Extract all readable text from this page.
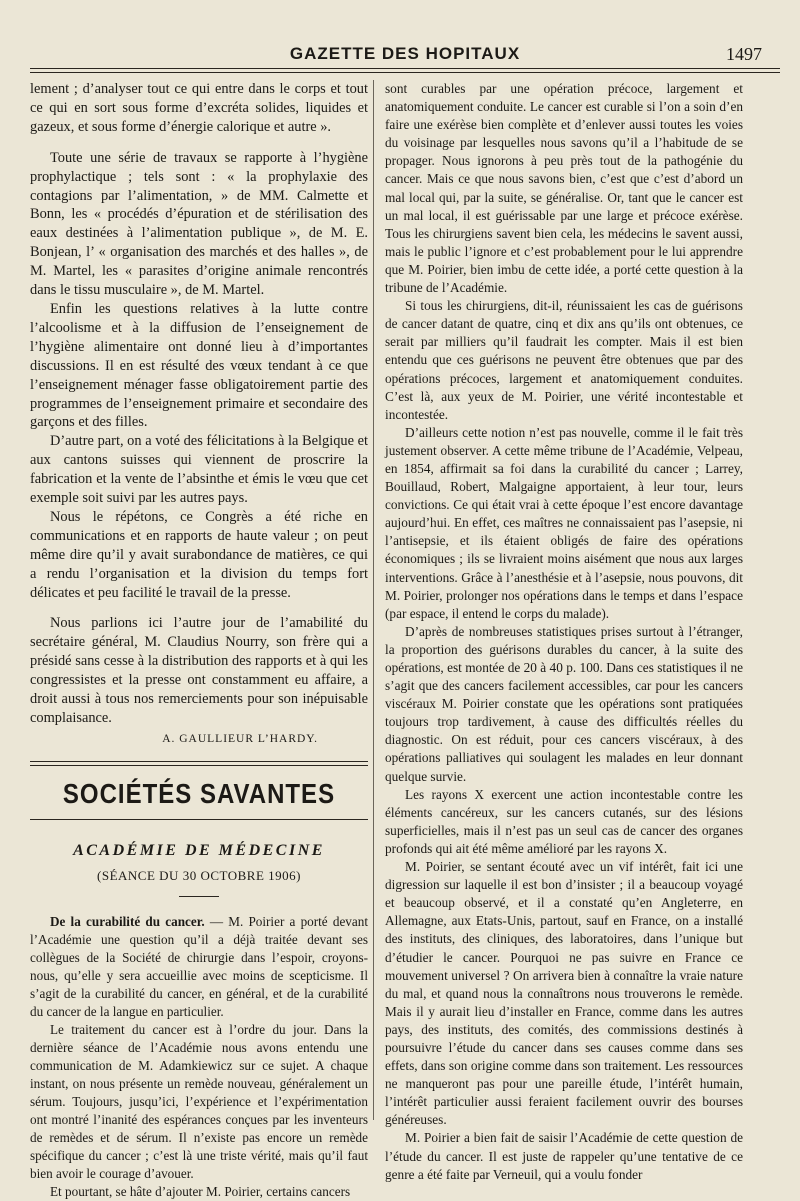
GAZETTE DES HOPITAUX	1497

lement ; d’analyser tout ce qui entre dans le corps et tout ce qui en sort sous forme d’excréta solides, liquides et gazeux, et sous forme d’énergie calorique et autre ».

Toute une série de travaux se rapporte à l’hygiène prophylactique ; tels sont : « la prophylaxie des contagions par l’alimentation, » de MM. Calmette et Bonn, les « procédés d’épuration et de stérilisation des eaux destinées à l’alimentation publique », de M. E. Bonjean, l’ « organisation des marchés et des halles », de M. Martel, les « parasites d’origine animale rencontrés dans le tissu musculaire », de M. Martel.

Enfin les questions relatives à la lutte contre l’alcoolisme et à la diffusion de l’enseignement de l’hygiène alimentaire ont donné lieu à d’importantes discussions. Il en est résulté des vœux tendant à ce que l’enseignement ménager fasse obligatoirement partie des programmes de l’enseignement primaire et secondaire des garçons et des filles.

D’autre part, on a voté des félicitations à la Belgique et aux cantons suisses qui viennent de proscrire la fabrication et la vente de l’absinthe et émis le vœu que cet exemple soit suivi par les autres pays.

Nous le répétons, ce Congrès a été riche en communications et en rapports de haute valeur ; on peut même dire qu’il y avait surabondance de matières, ce qui a rendu l’organisation et la division du temps fort délicates et peu facilité le travail de la presse.

Nous parlions ici l’autre jour de l’amabilité du secrétaire général, M. Claudius Nourry, son frère qui a présidé sans cesse à la distribution des rapports et à qui les congressistes et la presse ont constamment eu affaire, a droit aussi à tous nos remerciements pour son inépuisable complaisance.

A. GAULLIEUR L’HARDY.
SOCIÉTÉS SAVANTES
ACADÉMIE DE MÉDECINE
(SÉANCE DU 30 OCTOBRE 1906)

De la curabilité du cancer. — M. Poirier a porté devant l’Académie une question qu’il a déjà traitée devant ses collègues de la Société de chirurgie dans l’espoir, croyons-nous, qu’elle y sera accueillie avec moins de scepticisme. Il s’agit de la curabilité du cancer, en général, et de la curabilité du cancer de la langue en particulier.

Le traitement du cancer est à l’ordre du jour. Dans la dernière séance de l’Académie nous avons entendu une communication de M. Adamkiewicz sur ce sujet. A chaque instant, on nous présente un remède nouveau, généralement un sérum. Toujours, jusqu’ici, l’expérience et l’expérimentation ont montré l’inanité des espérances conçues par les inventeurs de remèdes et de sérum. Il n’existe pas encore un remède spécifique du cancer ; c’est là une triste vérité, mais qu’il faut bien avoir le courage d’avouer.

Et pourtant, se hâte d’ajouter M. Poirier, certains cancers

sont curables par une opération précoce, largement et anatomiquement conduite. Le cancer est curable si l’on a soin d’en faire une exérèse bien complète et d’enlever aussi toutes les voies du voisinage par lesquelles nous savons qu’il a l’habitude de se propager. Nous ignorons à peu près tout de la pathogénie du cancer. Mais ce que nous savons bien, c’est que c’est d’abord un mal local qui, par la suite, se généralise. Or, tant que le cancer est un mal local, il est guérissable par une large et précoce exérèse. Tous les chirurgiens savent bien cela, les médecins le savent aussi, mais le public l’ignore et c’est probablement pour le lui apprendre que M. Poirier, bien imbu de cette idée, a porté cette question à la tribune de l’Académie.

Si tous les chirurgiens, dit-il, réunissaient les cas de guérisons de cancer datant de quatre, cinq et dix ans qu’ils ont obtenues, ce serait par milliers qu’il faudrait les compter. Mais il est bien entendu que ces guérisons ne peuvent être obtenues que par des opérations précoces, largement et anatomiquement conduites. C’est là, aux yeux de M. Poirier, une vérité incontestable et incontestée.

D’ailleurs cette notion n’est pas nouvelle, comme il le fait très justement observer. A cette même tribune de l’Académie, Velpeau, en 1854, affirmait sa foi dans la curabilité du cancer ; Larrey, Bouillaud, Robert, Malgaigne apportaient, à leur tour, leurs convictions. Ce qui était vrai à cette époque l’est encore davantage aujourd’hui. En effet, ces maîtres ne connaissaient pas l’asepsie, ni l’antisepsie, et ils étaient obligés de faire des opérations économiques ; ils se livraient moins aisément que nous aux larges interventions. Grâce à l’anesthésie et à l’asepsie, nous pouvons, dit M. Poirier, prolonger nos opérations dans le temps et dans l’espace (par espace, il entend le corps du malade).

D’après de nombreuses statistiques prises surtout à l’étranger, la proportion des guérisons durables du cancer, à la suite des opérations, est montée de 20 à 40 p. 100. Dans ces statistiques il ne s’agit que des cancers facilement accessibles, car pour les cancers viscéraux M. Poirier constate que les opérations sont pratiquées toujours trop tardivement, à cause des difficultés réelles du diagnostic. On est réduit, pour ces cancers viscéraux, à des opérations palliatives qui soulagent les malades en leur donnant quelque survie.

Les rayons X exercent une action incontestable contre les éléments cancéreux, sur les cancers cutanés, sur des lésions superficielles, mais il n’est pas un seul cas de cancer des organes profonds qui ait été même amélioré par les rayons X.

M. Poirier, se sentant écouté avec un vif intérêt, fait ici une digression sur laquelle il est bon d’insister ; il a beaucoup voyagé et beaucoup observé, et il a constaté qu’en Angleterre, en Allemagne, aux Etats-Unis, partout, sauf en France, on a installé des instituts, des cliniques, des laboratoires, dans l’unique but d’étudier le cancer. Pourquoi ne pas suivre en France ce mouvement universel ? On arrivera bien à connaître la vraie nature du mal, et quand nous la connaîtrons nous trouverons le remède. Mais il y aurait lieu d’installer en France, comme dans les autres pays, des instituts, des comités, des commissions destinés à poursuivre l’étude du cancer dans ses causes comme dans ses effets, dans son origine comme dans son traitement. Les ressources ne manqueront pas pour une pareille étude, l’intérêt humain, l’intérêt particulier aussi feraient facilement ouvrir des bourses généreuses.

M. Poirier a bien fait de saisir l’Académie de cette question de l’étude du cancer. Il est juste de rappeler qu’une tentative de ce genre a été faite par Verneuil, qui a voulu fonder
